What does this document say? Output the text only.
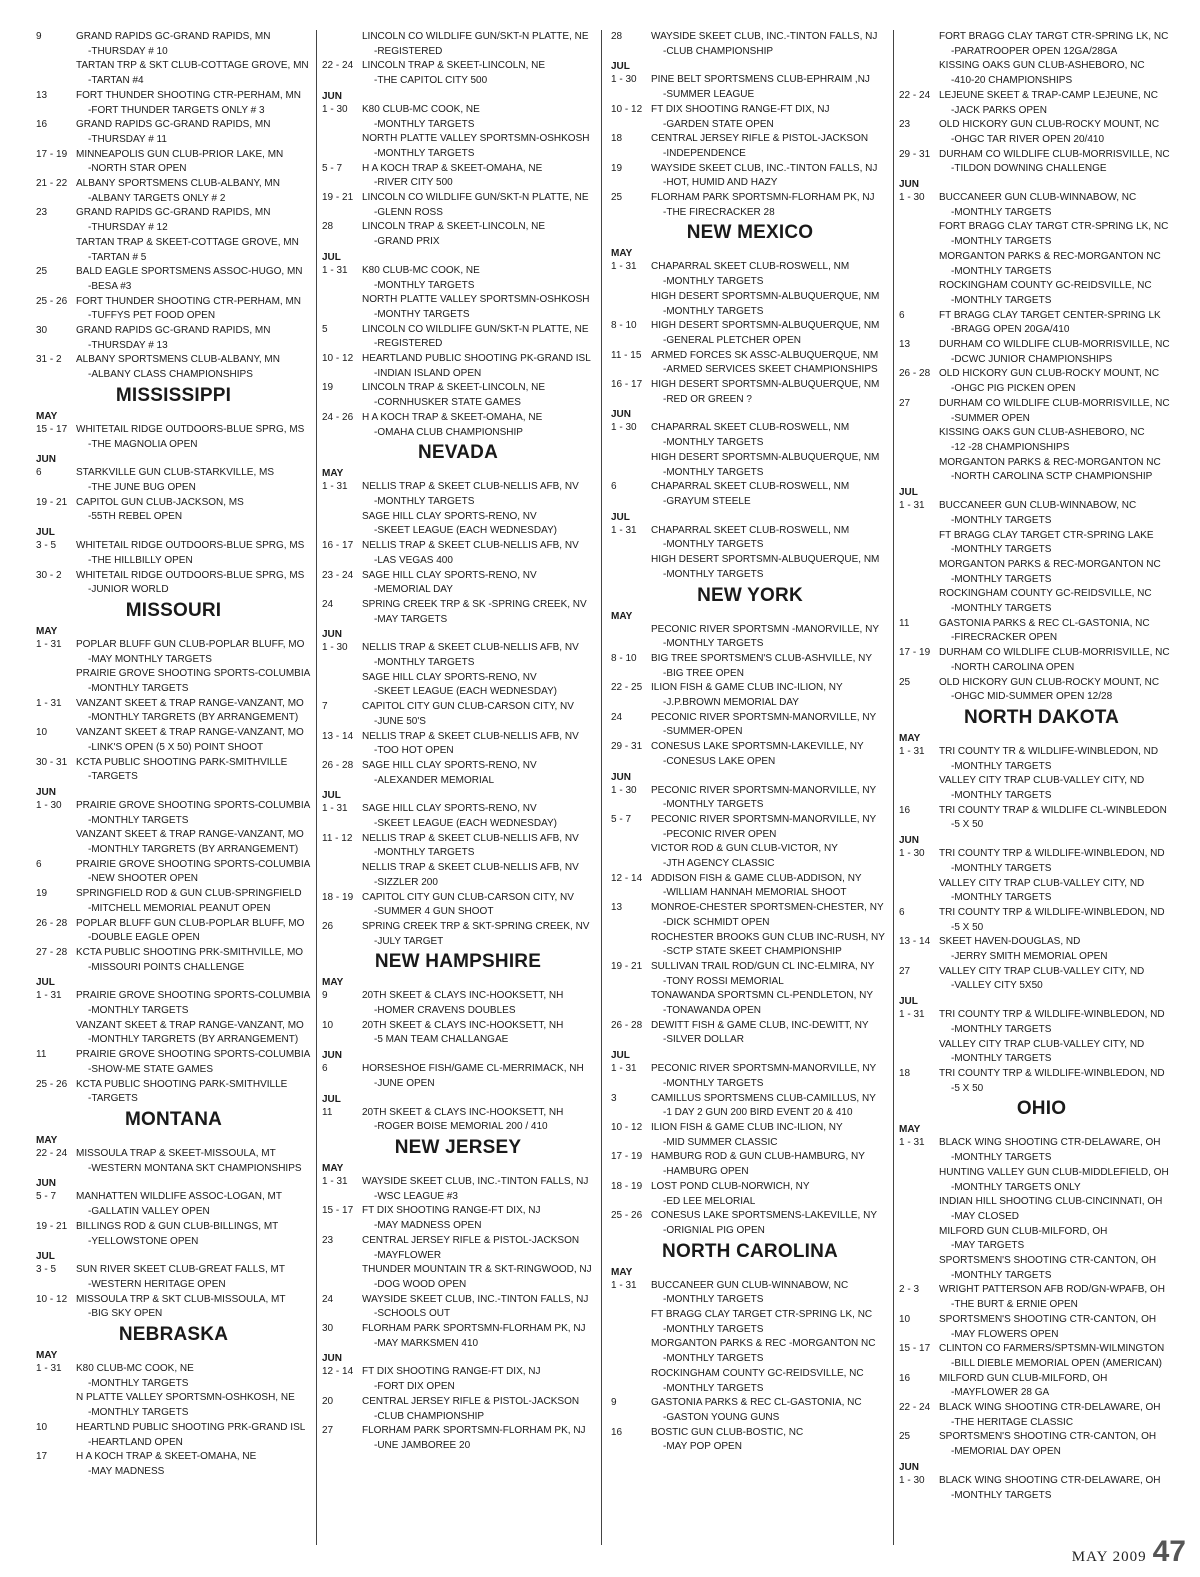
9	GRAND RAPIDS GC-GRAND RAPIDS, MN
-THURSDAY # 10
TARTAN TRP & SKT CLUB-COTTAGE GROVE, MN
-TARTAN #4
13	FORT THUNDER SHOOTING CTR-PERHAM, MN
-FORT THUNDER TARGETS ONLY # 3
16	GRAND RAPIDS GC-GRAND RAPIDS, MN
-THURSDAY # 11
17 - 19 MINNEAPOLIS GUN CLUB-PRIOR LAKE, MN
-NORTH STAR OPEN
21 - 22 ALBANY SPORTSMENS CLUB-ALBANY, MN
-ALBANY TARGETS ONLY # 2
23	GRAND RAPIDS GC-GRAND RAPIDS, MN
-THURSDAY # 12
TARTAN TRAP & SKEET-COTTAGE GROVE, MN
-TARTAN # 5
25	BALD EAGLE SPORTSMENS ASSOC-HUGO, MN
-BESA #3
25 - 26 FORT THUNDER SHOOTING CTR-PERHAM, MN
-TUFFYS PET FOOD OPEN
30	GRAND RAPIDS GC-GRAND RAPIDS, MN
-THURSDAY # 13
31 - 2	ALBANY SPORTSMENS CLUB-ALBANY, MN
-ALBANY CLASS CHAMPIONSHIPS
MISSISSIPPI
MAY
15 - 17 WHITETAIL RIDGE OUTDOORS-BLUE SPRG, MS
-THE MAGNOLIA OPEN
JUN
6	STARKVILLE GUN CLUB-STARKVILLE, MS
-THE JUNE BUG OPEN
19 - 21 CAPITOL GUN CLUB-JACKSON, MS
-55TH REBEL OPEN
JUL
3 - 5	WHITETAIL RIDGE OUTDOORS-BLUE SPRG, MS
-THE HILLBILLY OPEN
30 - 2	WHITETAIL RIDGE OUTDOORS-BLUE SPRG, MS
-JUNIOR WORLD
MISSOURI
MAY
1 - 31	POPLAR BLUFF GUN CLUB-POPLAR BLUFF, MO
-MAY MONTHLY TARGETS
PRAIRIE GROVE SHOOTING SPORTS-COLUMBIA
-MONTHLY TARGETS
1 - 31	VANZANT SKEET & TRAP RANGE-VANZANT, MO
-MONTHLY TARGRETS (BY ARRANGEMENT)
10	VANZANT SKEET & TRAP RANGE-VANZANT, MO
-LINK'S OPEN (5 X 50) POINT SHOOT
30 - 31 KCTA PUBLIC SHOOTING PARK-SMITHVILLE
-TARGETS
JUN
1 - 30	PRAIRIE GROVE SHOOTING SPORTS-COLUMBIA
-MONTHLY TARGETS
VANZANT SKEET & TRAP RANGE-VANZANT, MO
-MONTHLY TARGRETS (BY ARRANGEMENT)
6	PRAIRIE GROVE SHOOTING SPORTS-COLUMBIA
-NEW SHOOTER OPEN
19	SPRINGFIELD ROD & GUN CLUB-SPRINGFIELD
-MITCHELL MEMORIAL PEANUT OPEN
26 - 28 POPLAR BLUFF GUN CLUB-POPLAR BLUFF, MO
-DOUBLE EAGLE OPEN
27 - 28 KCTA PUBLIC SHOOTING PRK-SMITHVILLE, MO
-MISSOURI POINTS CHALLENGE
JUL
1 - 31	PRAIRIE GROVE SHOOTING SPORTS-COLUMBIA
-MONTHLY TARGETS
VANZANT SKEET & TRAP RANGE-VANZANT, MO
-MONTHLY TARGRETS (BY ARRANGEMENT)
11	PRAIRIE GROVE SHOOTING SPORTS-COLUMBIA
-SHOW-ME STATE GAMES
25 - 26 KCTA PUBLIC SHOOTING PARK-SMITHVILLE
-TARGETS
MONTANA
MAY
22 - 24 MISSOULA TRAP & SKEET-MISSOULA, MT
-WESTERN MONTANA SKT CHAMPIONSHIPS
JUN
5 - 7	MANHATTEN WILDLIFE ASSOC-LOGAN, MT
-GALLATIN VALLEY OPEN
19 - 21 BILLINGS ROD & GUN CLUB-BILLINGS, MT
-YELLOWSTONE OPEN
JUL
3 - 5	SUN RIVER SKEET CLUB-GREAT FALLS, MT
-WESTERN HERITAGE OPEN
10 - 12 MISSOULA TRP & SKT CLUB-MISSOULA, MT
-BIG SKY OPEN
NEBRASKA
MAY
1 - 31	K80 CLUB-MC COOK, NE
-MONTHLY TARGETS
N PLATTE VALLEY SPORTSMN-OSHKOSH, NE
-MONTHLY TARGETS
10	HEARTLND PUBLIC SHOOTING PRK-GRAND ISL
-HEARTLAND OPEN
17	H A KOCH TRAP & SKEET-OMAHA, NE
-MAY MADNESS
LINCOLN CO WILDLIFE GUN/SKT-N PLATTE, NE
-REGISTERED
22 - 24 LINCOLN TRAP & SKEET-LINCOLN, NE
-THE CAPITOL CITY 500
JUN
1 - 30	K80 CLUB-MC COOK, NE
-MONTHLY TARGETS
NORTH PLATTE VALLEY SPORTSMN-OSHKOSH
-MONTHLY TARGETS
5 - 7	H A KOCH TRAP & SKEET-OMAHA, NE
-RIVER CITY 500
19 - 21 LINCOLN CO WILDLIFE GUN/SKT-N PLATTE, NE
-GLENN ROSS
28	LINCOLN TRAP & SKEET-LINCOLN, NE
-GRAND PRIX
JUL
1 - 31	K80 CLUB-MC COOK, NE
-MONTHLY TARGETS
NORTH PLATTE VALLEY SPORTSMN-OSHKOSH
-MONTHY TARGETS
5	LINCOLN CO WILDLIFE GUN/SKT-N PLATTE, NE
-REGISTERED
10 - 12 HEARTLAND PUBLIC SHOOTING PK-GRAND ISL
-INDIAN ISLAND OPEN
19	LINCOLN TRAP & SKEET-LINCOLN, NE
-CORNHUSKER STATE GAMES
24 - 26 H A KOCH TRAP & SKEET-OMAHA, NE
-OMAHA CLUB CHAMPIONSHIP
NEVADA
MAY
1 - 31	NELLIS TRAP & SKEET CLUB-NELLIS AFB, NV
-MONTHLY TARGETS
SAGE HILL CLAY SPORTS-RENO, NV
-SKEET LEAGUE (EACH WEDNESDAY)
16 - 17 NELLIS TRAP & SKEET CLUB-NELLIS AFB, NV
-LAS VEGAS 400
23 - 24 SAGE HILL CLAY SPORTS-RENO, NV
-MEMORIAL DAY
24	SPRING CREEK TRP & SK -SPRING CREEK, NV
-MAY TARGETS
JUN
1 - 30	NELLIS TRAP & SKEET CLUB-NELLIS AFB, NV
-MONTHLY TARGETS
SAGE HILL CLAY SPORTS-RENO, NV
-SKEET LEAGUE (EACH WEDNESDAY)
7	CAPITOL CITY GUN CLUB-CARSON CITY, NV
-JUNE 50'S
13 - 14 NELLIS TRAP & SKEET CLUB-NELLIS AFB, NV
-TOO HOT OPEN
26 - 28 SAGE HILL CLAY SPORTS-RENO, NV
-ALEXANDER MEMORIAL
JUL
1 - 31	SAGE HILL CLAY SPORTS-RENO, NV
-SKEET LEAGUE (EACH WEDNESDAY)
11 - 12 NELLIS TRAP & SKEET CLUB-NELLIS AFB, NV
-MONTHLY TARGETS
NELLIS TRAP & SKEET CLUB-NELLIS AFB, NV
-SIZZLER 200
18 - 19 CAPITOL CITY GUN CLUB-CARSON CITY, NV
-SUMMER 4 GUN SHOOT
26	SPRING CREEK TRP & SKT-SPRING CREEK, NV
-JULY TARGET
NEW HAMPSHIRE
MAY
9	20TH SKEET & CLAYS INC-HOOKSETT, NH
-HOMER CRAVENS DOUBLES
10	20TH SKEET & CLAYS INC-HOOKSETT, NH
-5 MAN TEAM CHALLANGAE
JUN
6	HORSESHOE FISH/GAME CL-MERRIMACK, NH
-JUNE OPEN
JUL
11	20TH SKEET & CLAYS INC-HOOKSETT, NH
-ROGER BOISE MEMORIAL 200 / 410
NEW JERSEY
MAY
1 - 31	WAYSIDE SKEET CLUB, INC.-TINTON FALLS, NJ
-WSC LEAGUE #3
15 - 17 FT DIX SHOOTING RANGE-FT DIX, NJ
-MAY MADNESS OPEN
23	CENTRAL JERSEY RIFLE & PISTOL-JACKSON
-MAYFLOWER
THUNDER MOUNTAIN TR & SKT-RINGWOOD, NJ
-DOG WOOD OPEN
24	WAYSIDE SKEET CLUB, INC.-TINTON FALLS, NJ
-SCHOOLS OUT
30	FLORHAM PARK SPORTSMN-FLORHAM PK, NJ
-MAY MARKSMEN 410
JUN
12 - 14 FT DIX SHOOTING RANGE-FT DIX, NJ
-FORT DIX OPEN
20	CENTRAL JERSEY RIFLE & PISTOL-JACKSON
-CLUB CHAMPIONSHIP
27	FLORHAM PARK SPORTSMN-FLORHAM PK, NJ
-UNE JAMBOREE 20
28	WAYSIDE SKEET CLUB, INC.-TINTON FALLS, NJ
-CLUB CHAMPIONSHIP
JUL
1 - 30	PINE BELT SPORTSMENS CLUB-EPHRAIM ,NJ
-SUMMER LEAGUE
10 - 12 FT DIX SHOOTING RANGE-FT DIX, NJ
-GARDEN STATE OPEN
18	CENTRAL JERSEY RIFLE & PISTOL-JACKSON
-INDEPENDENCE
19	WAYSIDE SKEET CLUB, INC.-TINTON FALLS, NJ
-HOT, HUMID AND HAZY
25	FLORHAM PARK SPORTSMN-FLORHAM PK, NJ
-THE FIRECRACKER 28
NEW MEXICO
MAY
1 - 31	CHAPARRAL SKEET CLUB-ROSWELL, NM
-MONTHLY TARGETS
HIGH DESERT SPORTSMN-ALBUQUERQUE, NM
-MONTHLY TARGETS
8 - 10	HIGH DESERT SPORTSMN-ALBUQUERQUE, NM
-GENERAL PLETCHER OPEN
11 - 15 ARMED FORCES SK ASSC-ALBUQUERQUE, NM
-ARMED SERVICES SKEET CHAMPIONSHIPS
16 - 17 HIGH DESERT SPORTSMN-ALBUQUERQUE, NM
-RED OR GREEN ?
JUN
1 - 30	CHAPARRAL SKEET CLUB-ROSWELL, NM
-MONTHLY TARGETS
HIGH DESERT SPORTSMN-ALBUQUERQUE, NM
-MONTHLY TARGETS
6	CHAPARRAL SKEET CLUB-ROSWELL, NM
-GRAYUM STEELE
JUL
1 - 31	CHAPARRAL SKEET CLUB-ROSWELL, NM
-MONTHLY TARGETS
HIGH DESERT SPORTSMN-ALBUQUERQUE, NM
-MONTHLY TARGETS
NEW YORK
MAY
PECONIC RIVER SPORTSMN -MANORVILLE, NY
-MONTHLY TARGETS
8 - 10	BIG TREE SPORTSMEN'S CLUB-ASHVILLE, NY
-BIG TREE OPEN
22 - 25 ILION FISH & GAME CLUB INC-ILION, NY
-J.P.BROWN MEMORIAL DAY
24	PECONIC RIVER SPORTSMN-MANORVILLE, NY
-SUMMER-OPEN
29 - 31 CONESUS LAKE SPORTSMN-LAKEVILLE, NY
-CONESUS LAKE OPEN
JUN
1 - 30	PECONIC RIVER SPORTSMN-MANORVILLE, NY
-MONTHLY TARGETS
5 - 7	PECONIC RIVER SPORTSMN-MANORVILLE, NY
-PECONIC RIVER OPEN
VICTOR ROD & GUN CLUB-VICTOR, NY
-JTH AGENCY CLASSIC
12 - 14 ADDISON FISH & GAME CLUB-ADDISON, NY
-WILLIAM HANNAH MEMORIAL SHOOT
13	MONROE-CHESTER SPORTSMEN-CHESTER, NY
-DICK SCHMIDT OPEN
ROCHESTER BROOKS GUN CLUB INC-RUSH, NY
-SCTP STATE SKEET CHAMPIONSHIP
19 - 21 SULLIVAN TRAIL ROD/GUN CL INC-ELMIRA, NY
-TONY ROSSI MEMORIAL
TONAWANDA SPORTSMN CL-PENDLETON, NY
-TONAWANDA OPEN
26 - 28 DEWITT FISH & GAME CLUB, INC-DEWITT, NY
-SILVER DOLLAR
JUL
1 - 31	PECONIC RIVER SPORTSMN-MANORVILLE, NY
-MONTHLY TARGETS
3	CAMILLUS SPORTSMENS CLUB-CAMILLUS, NY
-1 DAY 2 GUN 200 BIRD EVENT 20 & 410
10 - 12 ILION FISH & GAME CLUB INC-ILION, NY
-MID SUMMER CLASSIC
17 - 19 HAMBURG ROD & GUN CLUB-HAMBURG, NY
-HAMBURG OPEN
18 - 19 LOST POND CLUB-NORWICH, NY
-ED LEE MELORIAL
25 - 26 CONESUS LAKE SPORTSMENS-LAKEVILLE, NY
-ORIGNIAL PIG OPEN
NORTH CAROLINA
MAY
1 - 31	BUCCANEER GUN CLUB-WINNABOW, NC
-MONTHLY TARGETS
FT BRAGG CLAY TARGET CTR-SPRING LK, NC
-MONTHLY TARGETS
MORGANTON PARKS & REC -MORGANTON NC
-MONTHLY TARGETS
ROCKINGHAM COUNTY GC-REIDSVILLE, NC
-MONTHLY TARGETS
9	GASTONIA PARKS & REC CL-GASTONIA, NC
-GASTON YOUNG GUNS
16	BOSTIC GUN CLUB-BOSTIC, NC
-MAY POP OPEN
FORT BRAGG CLAY TARGT CTR-SPRING LK, NC
-PARATROOPER OPEN 12GA/28GA
KISSING OAKS GUN CLUB-ASHEBORO, NC
-410-20 CHAMPIONSHIPS
22 - 24 LEJEUNE SKEET & TRAP-CAMP LEJEUNE, NC
-JACK PARKS OPEN
23	OLD HICKORY GUN CLUB-ROCKY MOUNT, NC
-OHGC TAR RIVER OPEN 20/410
29 - 31 DURHAM CO WILDLIFE CLUB-MORRISVILLE, NC
-TILDON DOWNING CHALLENGE
JUN
1 - 30	BUCCANEER GUN CLUB-WINNABOW, NC
-MONTHLY TARGETS
FORT BRAGG CLAY TARGT CTR-SPRING LK, NC
-MONTHLY TARGETS
MORGANTON PARKS & REC-MORGANTON NC
-MONTHLY TARGETS
ROCKINGHAM COUNTY GC-REIDSVILLE, NC
-MONTHLY TARGETS
6	FT BRAGG CLAY TARGET CENTER-SPRING LK
-BRAGG OPEN 20GA/410
13	DURHAM CO WILDLIFE CLUB-MORRISVILLE, NC
-DCWC JUNIOR CHAMPIONSHIPS
26 - 28 OLD HICKORY GUN CLUB-ROCKY MOUNT, NC
-OHGC PIG PICKEN OPEN
27	DURHAM CO WILDLIFE CLUB-MORRISVILLE, NC
-SUMMER OPEN
KISSING OAKS GUN CLUB-ASHEBORO, NC
-12 -28 CHAMPIONSHIPS
MORGANTON PARKS & REC-MORGANTON NC
-NORTH CAROLINA SCTP CHAMPIONSHIP
JUL
1 - 31	BUCCANEER GUN CLUB-WINNABOW, NC
-MONTHLY TARGETS
FT BRAGG CLAY TARGET CTR-SPRING LAKE
-MONTHLY TARGETS
MORGANTON PARKS & REC-MORGANTON NC
-MONTHLY TARGETS
ROCKINGHAM COUNTY GC-REIDSVILLE, NC
-MONTHLY TARGETS
11	GASTONIA PARKS & REC CL-GASTONIA, NC
-FIRECRACKER OPEN
17 - 19 DURHAM CO WILDLIFE CLUB-MORRISVILLE, NC
-NORTH CAROLINA OPEN
25	OLD HICKORY GUN CLUB-ROCKY MOUNT, NC
-OHGC MID-SUMMER OPEN 12/28
NORTH DAKOTA
MAY
1 - 31	TRI COUNTY TR & WILDLIFE-WINBLEDON, ND
-MONTHLY TARGETS
VALLEY CITY TRAP CLUB-VALLEY CITY, ND
-MONTHLY TARGETS
16	TRI COUNTY TRAP & WILDLIFE CL-WINBLEDON
-5 X 50
JUN
1 - 30	TRI COUNTY TRP & WILDLIFE-WINBLEDON, ND
-MONTHLY TARGETS
VALLEY CITY TRAP CLUB-VALLEY CITY, ND
-MONTHLY TARGETS
6	TRI COUNTY TRP & WILDLIFE-WINBLEDON, ND
-5 X 50
13 - 14 SKEET HAVEN-DOUGLAS, ND
-JERRY SMITH MEMORIAL OPEN
27	VALLEY CITY TRAP CLUB-VALLEY CITY, ND
-VALLEY CITY 5X50
JUL
1 - 31	TRI COUNTY TRP & WILDLIFE-WINBLEDON, ND
-MONTHLY TARGETS
VALLEY CITY TRAP CLUB-VALLEY CITY, ND
-MONTHLY TARGETS
18	TRI COUNTY TRP & WILDLIFE-WINBLEDON, ND
-5 X 50
OHIO
MAY
1 - 31	BLACK WING SHOOTING CTR-DELAWARE, OH
-MONTHLY TARGETS
HUNTING VALLEY GUN CLUB-MIDDLEFIELD, OH
-MONTHLY TARGETS ONLY
INDIAN HILL SHOOTING CLUB-CINCINNATI, OH
-MAY CLOSED
MILFORD GUN CLUB-MILFORD, OH
-MAY TARGETS
SPORTSMEN'S SHOOTING CTR-CANTON, OH
-MONTHLY TARGETS
2 - 3	WRIGHT PATTERSON AFB ROD/GN-WPAFB, OH
-THE BURT & ERNIE OPEN
10	SPORTSMEN'S SHOOTING CTR-CANTON, OH
-MAY FLOWERS OPEN
15 - 17 CLINTON CO FARMERS/SPTSMN-WILMINGTON
-BILL DIEBLE MEMORIAL OPEN (AMERICAN)
16	MILFORD GUN CLUB-MILFORD, OH
-MAYFLOWER 28 GA
22 - 24 BLACK WING SHOOTING CTR-DELAWARE, OH
-THE HERITAGE CLASSIC
25	SPORTSMEN'S SHOOTING CTR-CANTON, OH
-MEMORIAL DAY OPEN
JUN
1 - 30	BLACK WING SHOOTING CTR-DELAWARE, OH
-MONTHLY TARGETS
MAY 2009 47
